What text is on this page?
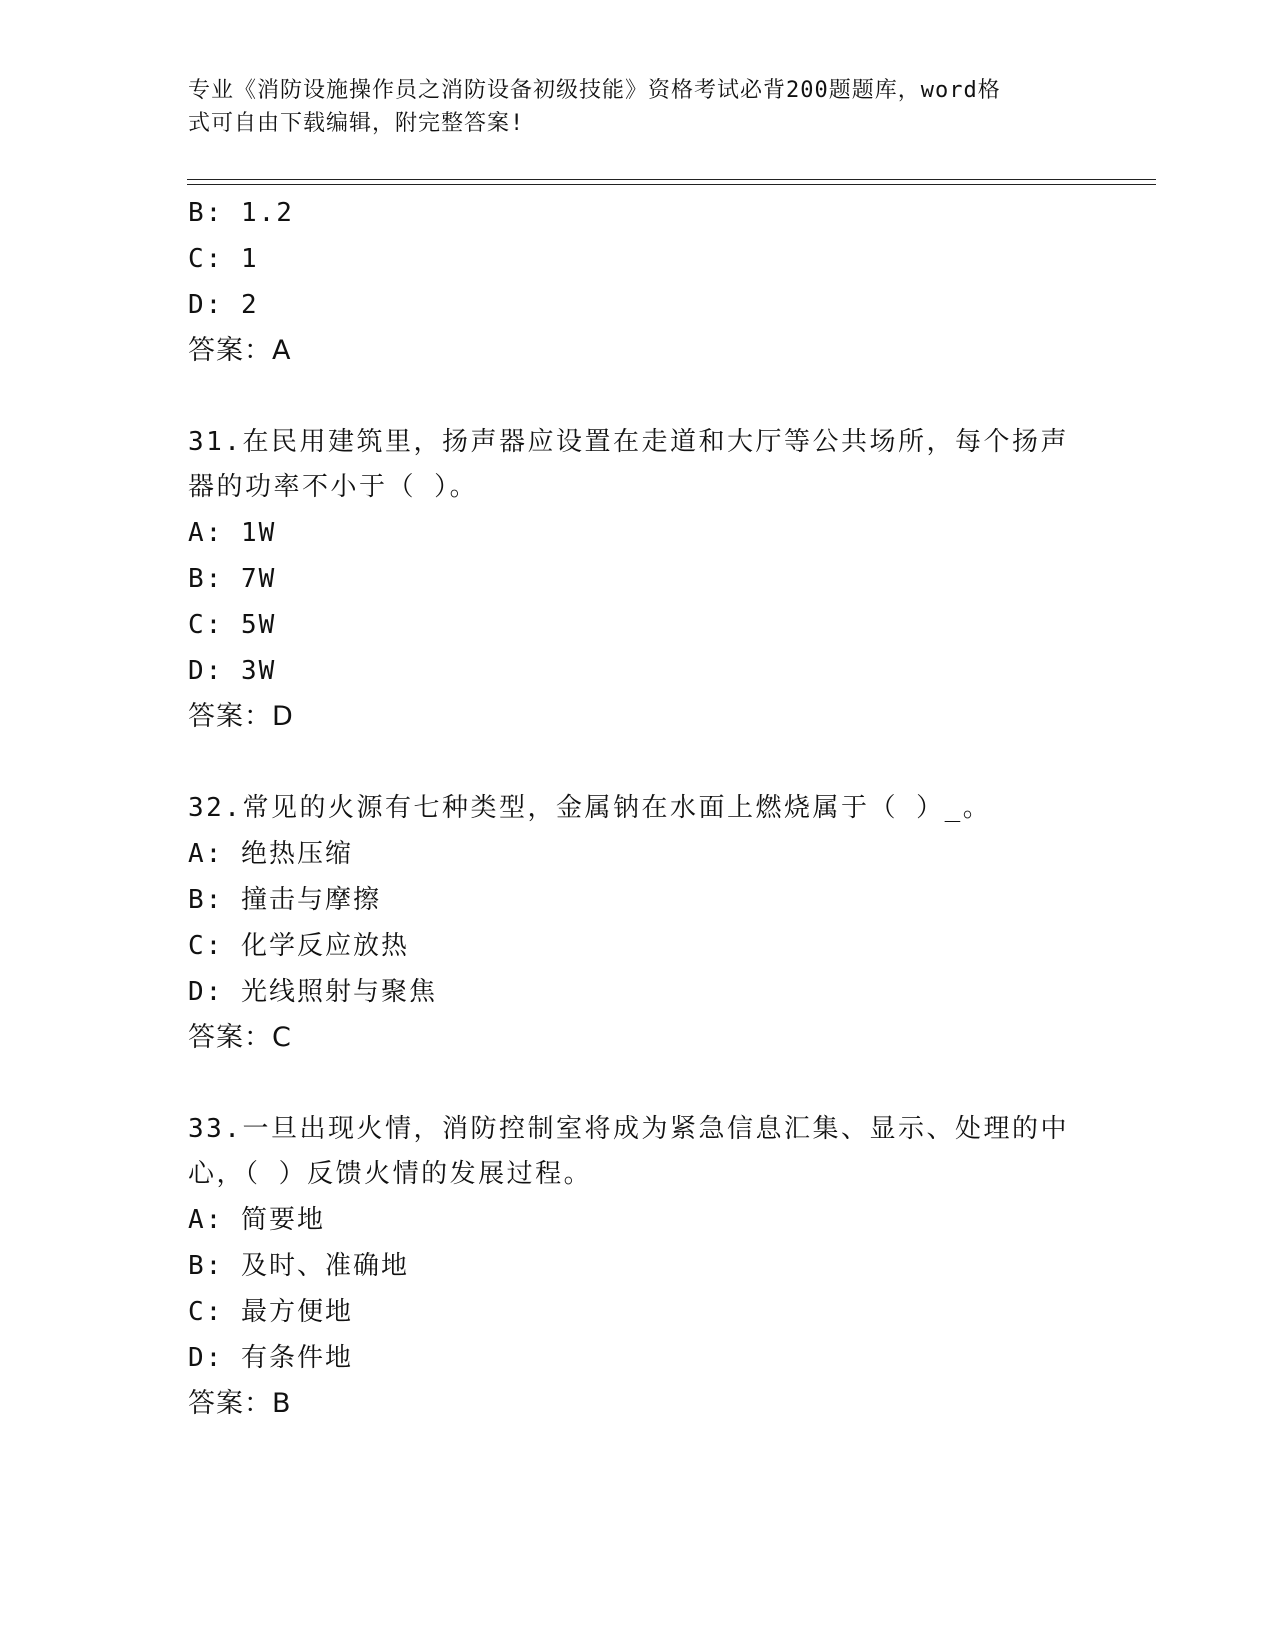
专业《消防设施操作员之消防设备初级技能》资格考试必背200题题库，word格
式可自由下载编辑，附完整答案!
B: 1.2
C: 1
D: 2
答案：A
31.在民用建筑里，扬声器应设置在走道和大厅等公共场所，每个扬声
器的功率不小于（ ）。
A: 1W
B: 7W
C: 5W
D: 3W
答案：D
32.常见的火源有七种类型，金属钠在水面上燃烧属于（ ）_。
A: 绝热压缩
B: 撞击与摩擦
C: 化学反应放热
D: 光线照射与聚焦
答案：C
33.一旦出现火情，消防控制室将成为紧急信息汇集、显示、处理的中
心，（ ）反馈火情的发展过程。
A: 简要地
B: 及时、准确地
C: 最方便地
D: 有条件地
答案：B
